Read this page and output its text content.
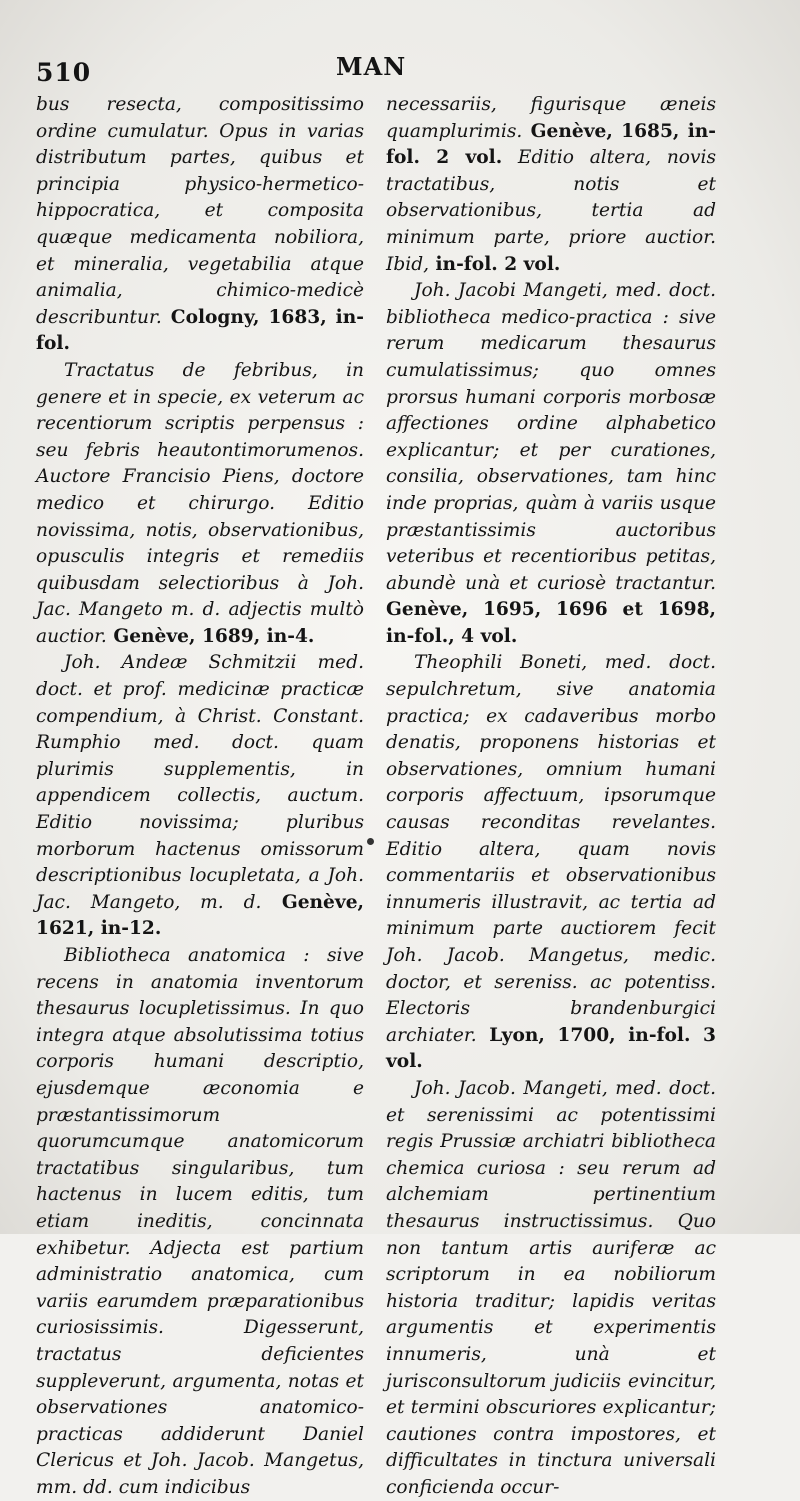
510	MAN

bus resecta, compositissimo ordine cumulatur. Opus in varias distributum partes, quibus et principia physico-hermetico-hippocratica, et composita quæque medicamenta nobiliora, et mineralia, vegetabilia atque animalia, chimico-medicè describuntur. Cologny, 1683, in-fol.

Tractatus de febribus, in genere et in specie, ex veterum ac recentiorum scriptis perpensus : seu febris heautontimorumenos. Auctore Francisio Piens, doctore medico et chirurgo. Editio novissima, notis, observationibus, opusculis integris et remediis quibusdam selectioribus à Joh. Jac. Mangeto m. d. adjectis multò auctior. Genève, 1689, in-4.

Joh. Andeæ Schmitzii med. doct. et prof. medicinæ practicæ compendium, à Christ. Constant. Rumphio med. doct. quam plurimis supplementis, in appendicem collectis, auctum. Editio novissima; pluribus morborum hactenus omissorum descriptionibus locupletata, a Joh. Jac. Mangeto, m. d. Genève, 1621, in-12.

Bibliotheca anatomica : sive recens in anatomia inventorum thesaurus locupletissimus. In quo integra atque absolutissima totius corporis humani descriptio, ejusdemque æconomia e præstantissimorum quorumcumque anatomicorum tractatibus singularibus, tum hactenus in lucem editis, tum etiam ineditis, concinnata exhibetur. Adjecta est partium administratio anatomica, cum variis earumdem præparationibus curiosissimis. Digesserunt, tractatus deficientes suppleverunt, argumenta, notas et observationes anatomico-practicas addiderunt Daniel Clericus et Joh. Jacob. Mangetus, mm. dd. cum indicibus

necessariis, figurisque æneis quamplurimis. Genève, 1685, in-fol. 2 vol. Editio altera, novis tractatibus, notis et observationibus, tertia ad minimum parte, priore auctior. Ibid, in-fol. 2 vol.

Joh. Jacobi Mangeti, med. doct. bibliotheca medico-practica : sive rerum medicarum thesaurus cumulatissimus; quo omnes prorsus humani corporis morbosæ affectiones ordine alphabetico explicantur; et per curationes, consilia, observationes, tam hinc inde proprias, quàm à variis usque præstantissimis auctoribus veteribus et recentioribus petitas, abundè unà et curiosè tractantur. Genève, 1695, 1696 et 1698, in-fol., 4 vol.

Theophili Boneti, med. doct. sepulchretum, sive anatomia practica; ex cadaveribus morbo denatis, proponens historias et observationes, omnium humani corporis affectuum, ipsorumque causas reconditas revelantes. Editio altera, quam novis commentariis et observationibus innumeris illustravit, ac tertia ad minimum parte auctiorem fecit Joh. Jacob. Mangetus, medic. doctor, et sereniss. ac potentiss. Electoris brandenburgici archiater. Lyon, 1700, in-fol. 3 vol.

Joh. Jacob. Mangeti, med. doct. et serenissimi ac potentissimi regis Prussiæ archiatri bibliotheca chemica curiosa : seu rerum ad alchemiam pertinentium thesaurus instructissimus. Quo non tantum artis auriferæ ac scriptorum in ea nobiliorum historia traditur; lapidis veritas argumentis et experimentis innumeris, unà et jurisconsultorum judiciis evincitur, et termini obscuriores explicantur; cautiones contra impostores, et difficultates in tinctura universali conficienda occur-
